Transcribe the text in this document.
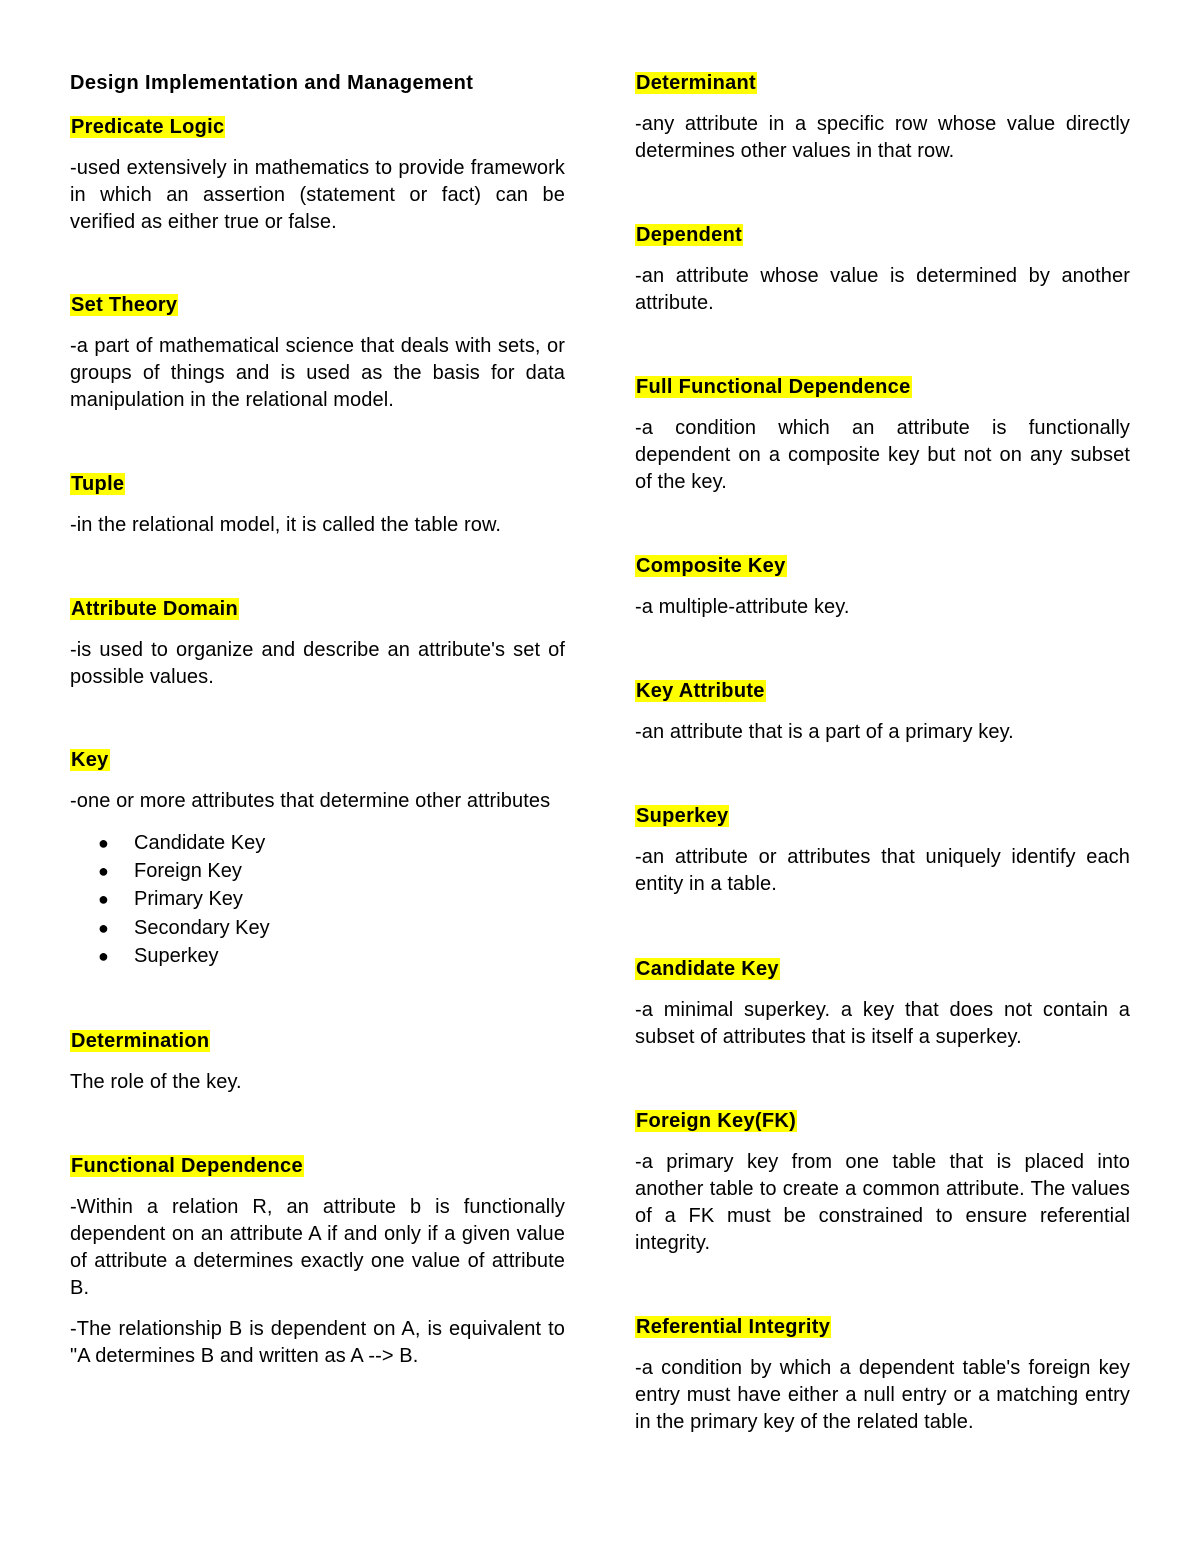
Design Implementation and Management

Predicate Logic

-used extensively in mathematics to provide framework in which an assertion (statement or fact) can be verified as either true or false.

Set Theory

-a part of mathematical science that deals with sets, or groups of things and is used as the basis for data manipulation in the relational model.

Tuple

-in the relational model, it is called the table row.

Attribute Domain

-is used to organize and describe an attribute's set of possible values.

Key

-one or more attributes that determine other attributes

● Candidate Key
● Foreign Key
● Primary Key
● Secondary Key
● Superkey

Determination

The role of the key.

Functional Dependence

-Within a relation R, an attribute b is functionally dependent on an attribute A if and only if a given value of attribute a determines exactly one value of attribute B.

-The relationship B is dependent on A, is equivalent to "A determines B and written as A --> B.

Determinant

-any attribute in a specific row whose value directly determines other values in that row.

Dependent

-an attribute whose value is determined by another attribute.

Full Functional Dependence

-a condition which an attribute is functionally dependent on a composite key but not on any subset of the key.

Composite Key

-a multiple-attribute key.

Key Attribute

-an attribute that is a part of a primary key.

Superkey

-an attribute or attributes that uniquely identify each entity in a table.

Candidate Key

-a minimal superkey. a key that does not contain a subset of attributes that is itself a superkey.

Foreign Key(FK)

-a primary key from one table that is placed into another table to create a common attribute. The values of a FK must be constrained to ensure referential integrity.

Referential Integrity

-a condition by which a dependent table's foreign key entry must have either a null entry or a matching entry in the primary key of the related table.
